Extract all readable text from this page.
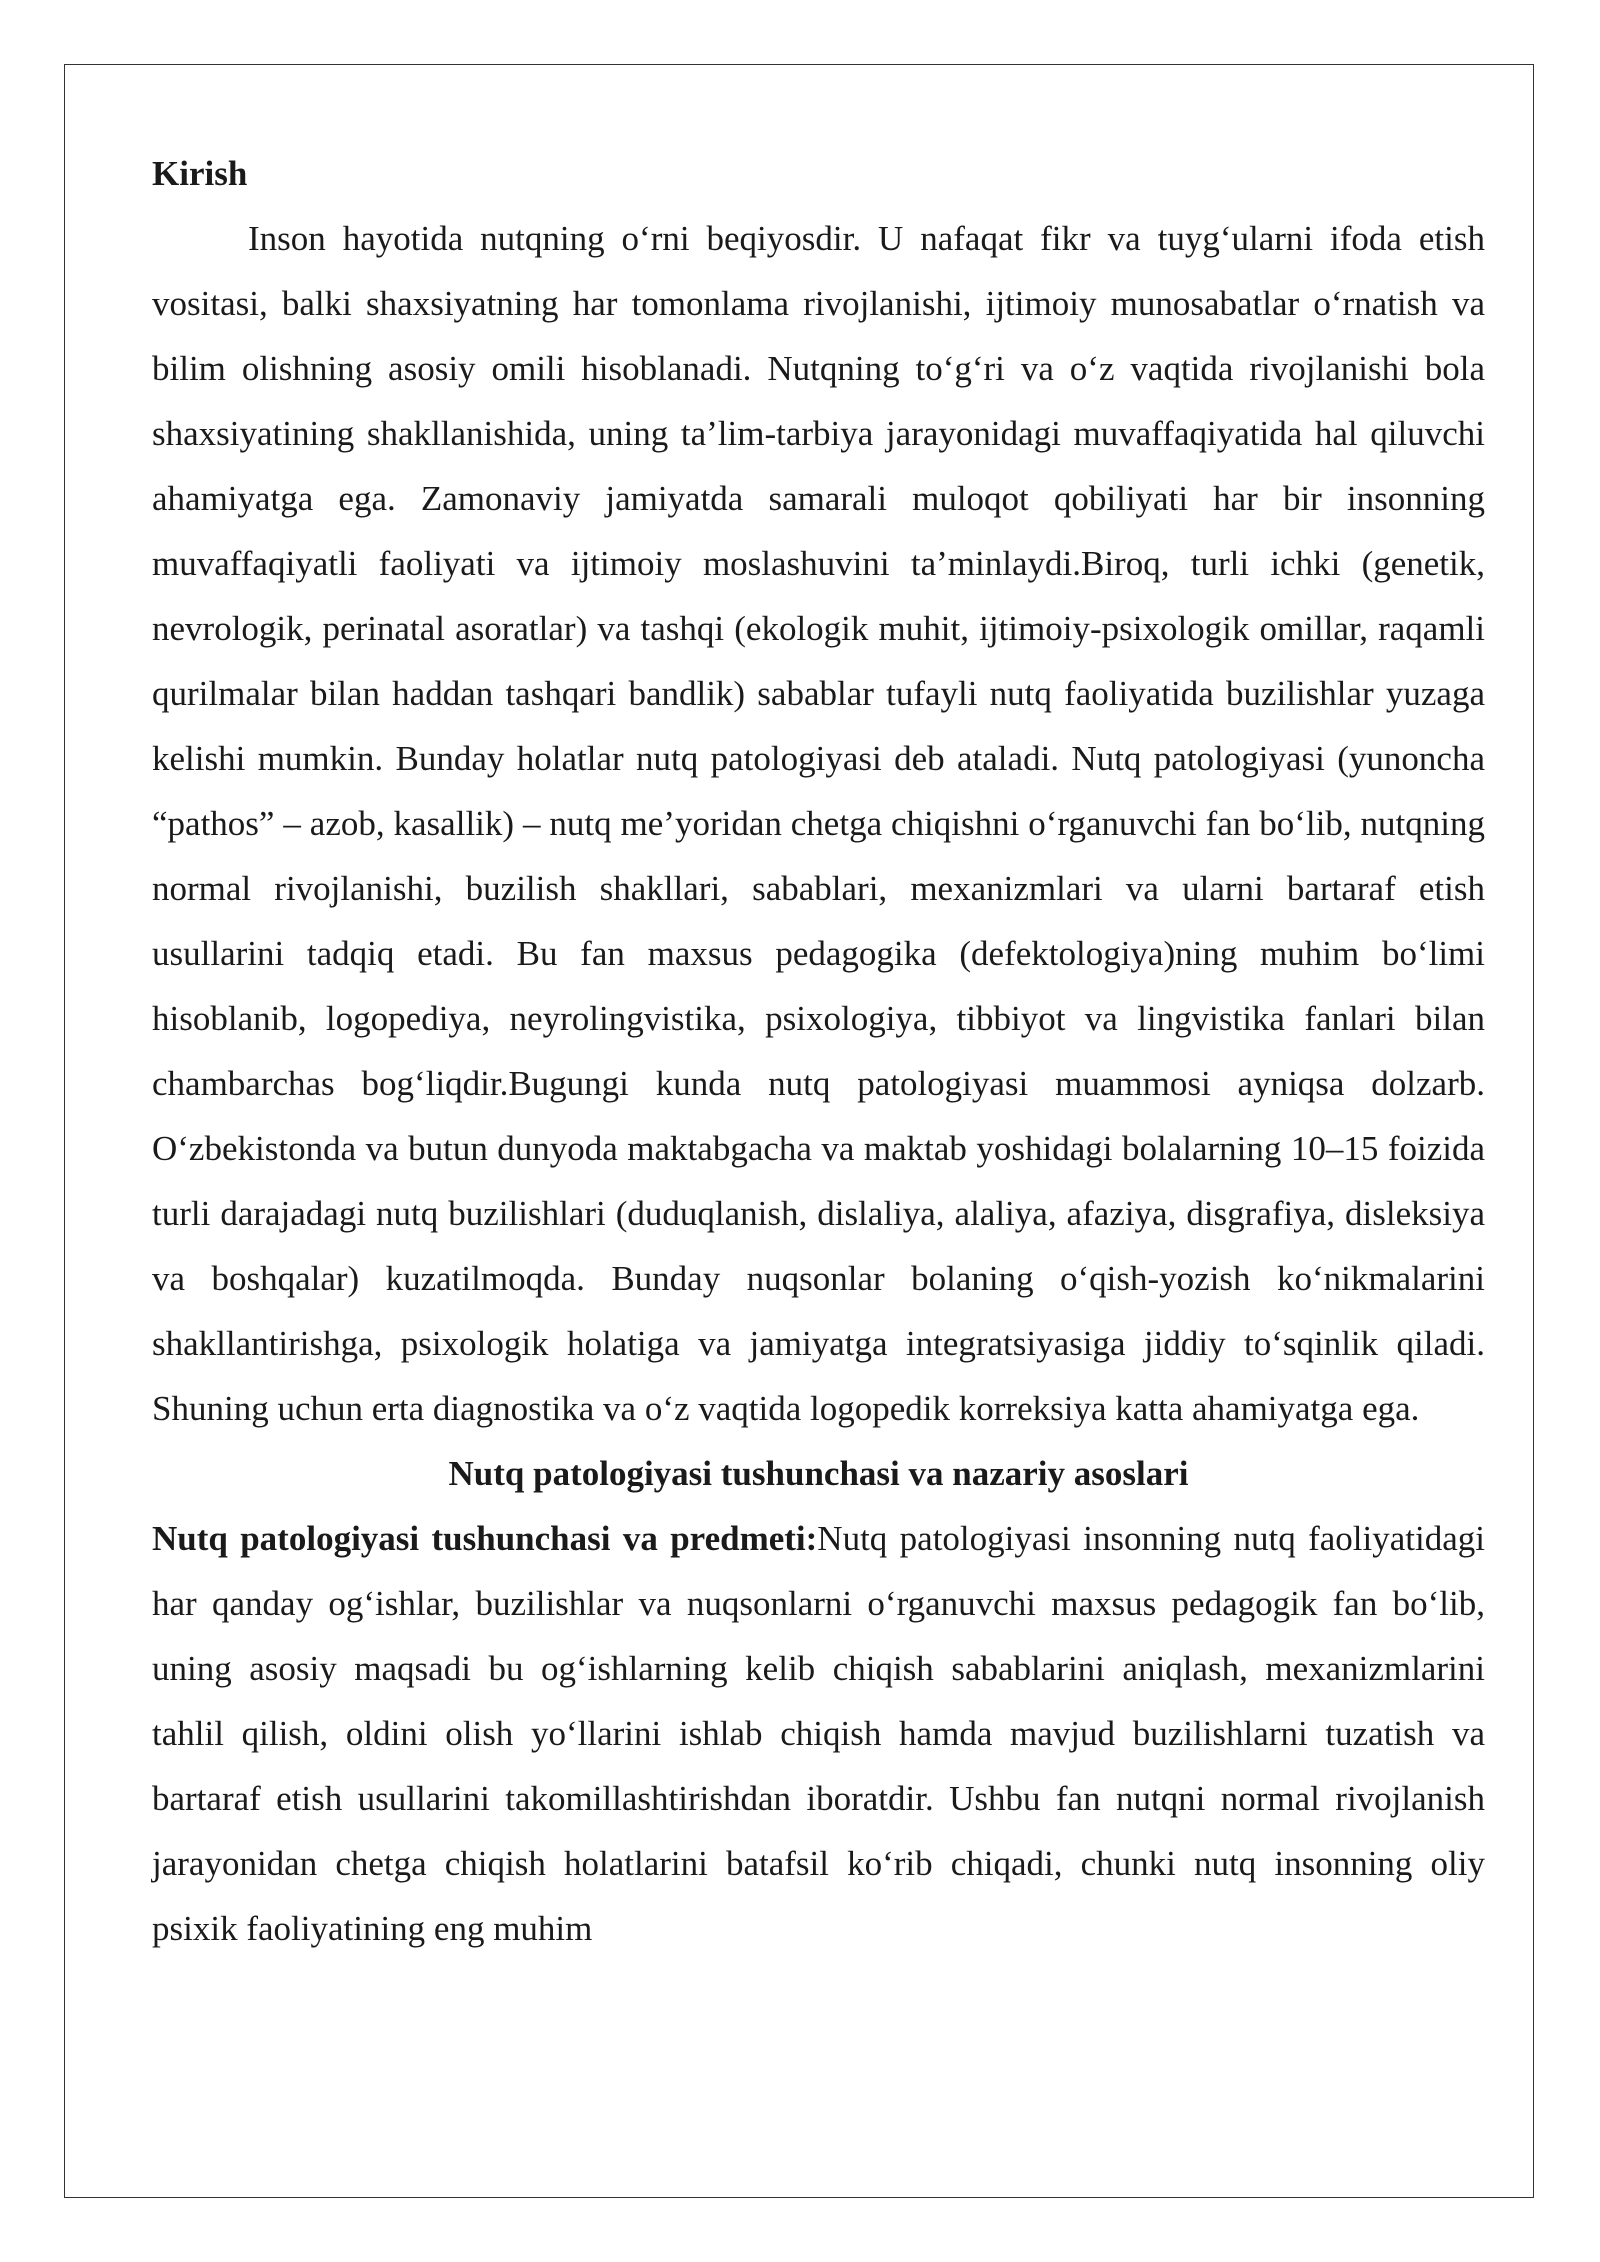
Kirish

Inson hayotida nutqning o‘rni beqiyosdir. U nafaqat fikr va tuyg‘ularni ifoda etish vositasi, balki shaxsiyatning har tomonlama rivojlanishi, ijtimoiy munosabatlar o‘rnatish va bilim olishning asosiy omili hisoblanadi. Nutqning to‘g‘ri va o‘z vaqtida rivojlanishi bola shaxsiyatining shakllanishida, uning ta’lim-tarbiya jarayonidagi muvaffaqiyatida hal qiluvchi ahamiyatga ega. Zamonaviy jamiyatda samarali muloqot qobiliyati har bir insonning muvaffaqiyatli faoliyati va ijtimoiy moslashuvini ta’minlaydi.Biroq, turli ichki (genetik, nevrologik, perinatal asoratlar) va tashqi (ekologik muhit, ijtimoiy-psixologik omillar, raqamli qurilmalar bilan haddan tashqari bandlik) sabablar tufayli nutq faoliyatida buzilishlar yuzaga kelishi mumkin. Bunday holatlar nutq patologiyasi deb ataladi. Nutq patologiyasi (yunoncha “pathos” – azob, kasallik) – nutq me’yoridan chetga chiqishni o‘rganuvchi fan bo‘lib, nutqning normal rivojlanishi, buzilish shakllari, sabablari, mexanizmlari va ularni bartaraf etish usullarini tadqiq etadi. Bu fan maxsus pedagogika (defektologiya)ning muhim bo‘limi hisoblanib, logopediya, neyrolingvistika, psixologiya, tibbiyot va lingvistika fanlari bilan chambarchas bog‘liqdir.Bugungi kunda nutq patologiyasi muammosi ayniqsa dolzarb. O‘zbekistonda va butun dunyoda maktabgacha va maktab yoshidagi bolalarning 10–15 foizida turli darajadagi nutq buzilishlari (duduqlanish, dislaliya, alaliya, afaziya, disgrafiya, disleksiya va boshqalar) kuzatilmoqda. Bunday nuqsonlar bolaning o‘qish-yozish ko‘nikmalarini shakllantirishga, psixologik holatiga va jamiyatga integratsiyasiga jiddiy to‘sqinlik qiladi. Shuning uchun erta diagnostika va o‘z vaqtida logopedik korreksiya katta ahamiyatga ega.

Nutq patologiyasi tushunchasi va nazariy asoslari

Nutq patologiyasi tushunchasi va predmeti:Nutq patologiyasi insonning nutq faoliyatidagi har qanday og‘ishlar, buzilishlar va nuqsonlarni o‘rganuvchi maxsus pedagogik fan bo‘lib, uning asosiy maqsadi bu og‘ishlarning kelib chiqish sabablarini aniqlash, mexanizmlarini tahlil qilish, oldini olish yo‘llarini ishlab chiqish hamda mavjud buzilishlarni tuzatish va bartaraf etish usullarini takomillashtirishdan iboratdir. Ushbu fan nutqni normal rivojlanish jarayonidan chetga chiqish holatlarini batafsil ko‘rib chiqadi, chunki nutq insonning oliy psixik faoliyatining eng muhim
